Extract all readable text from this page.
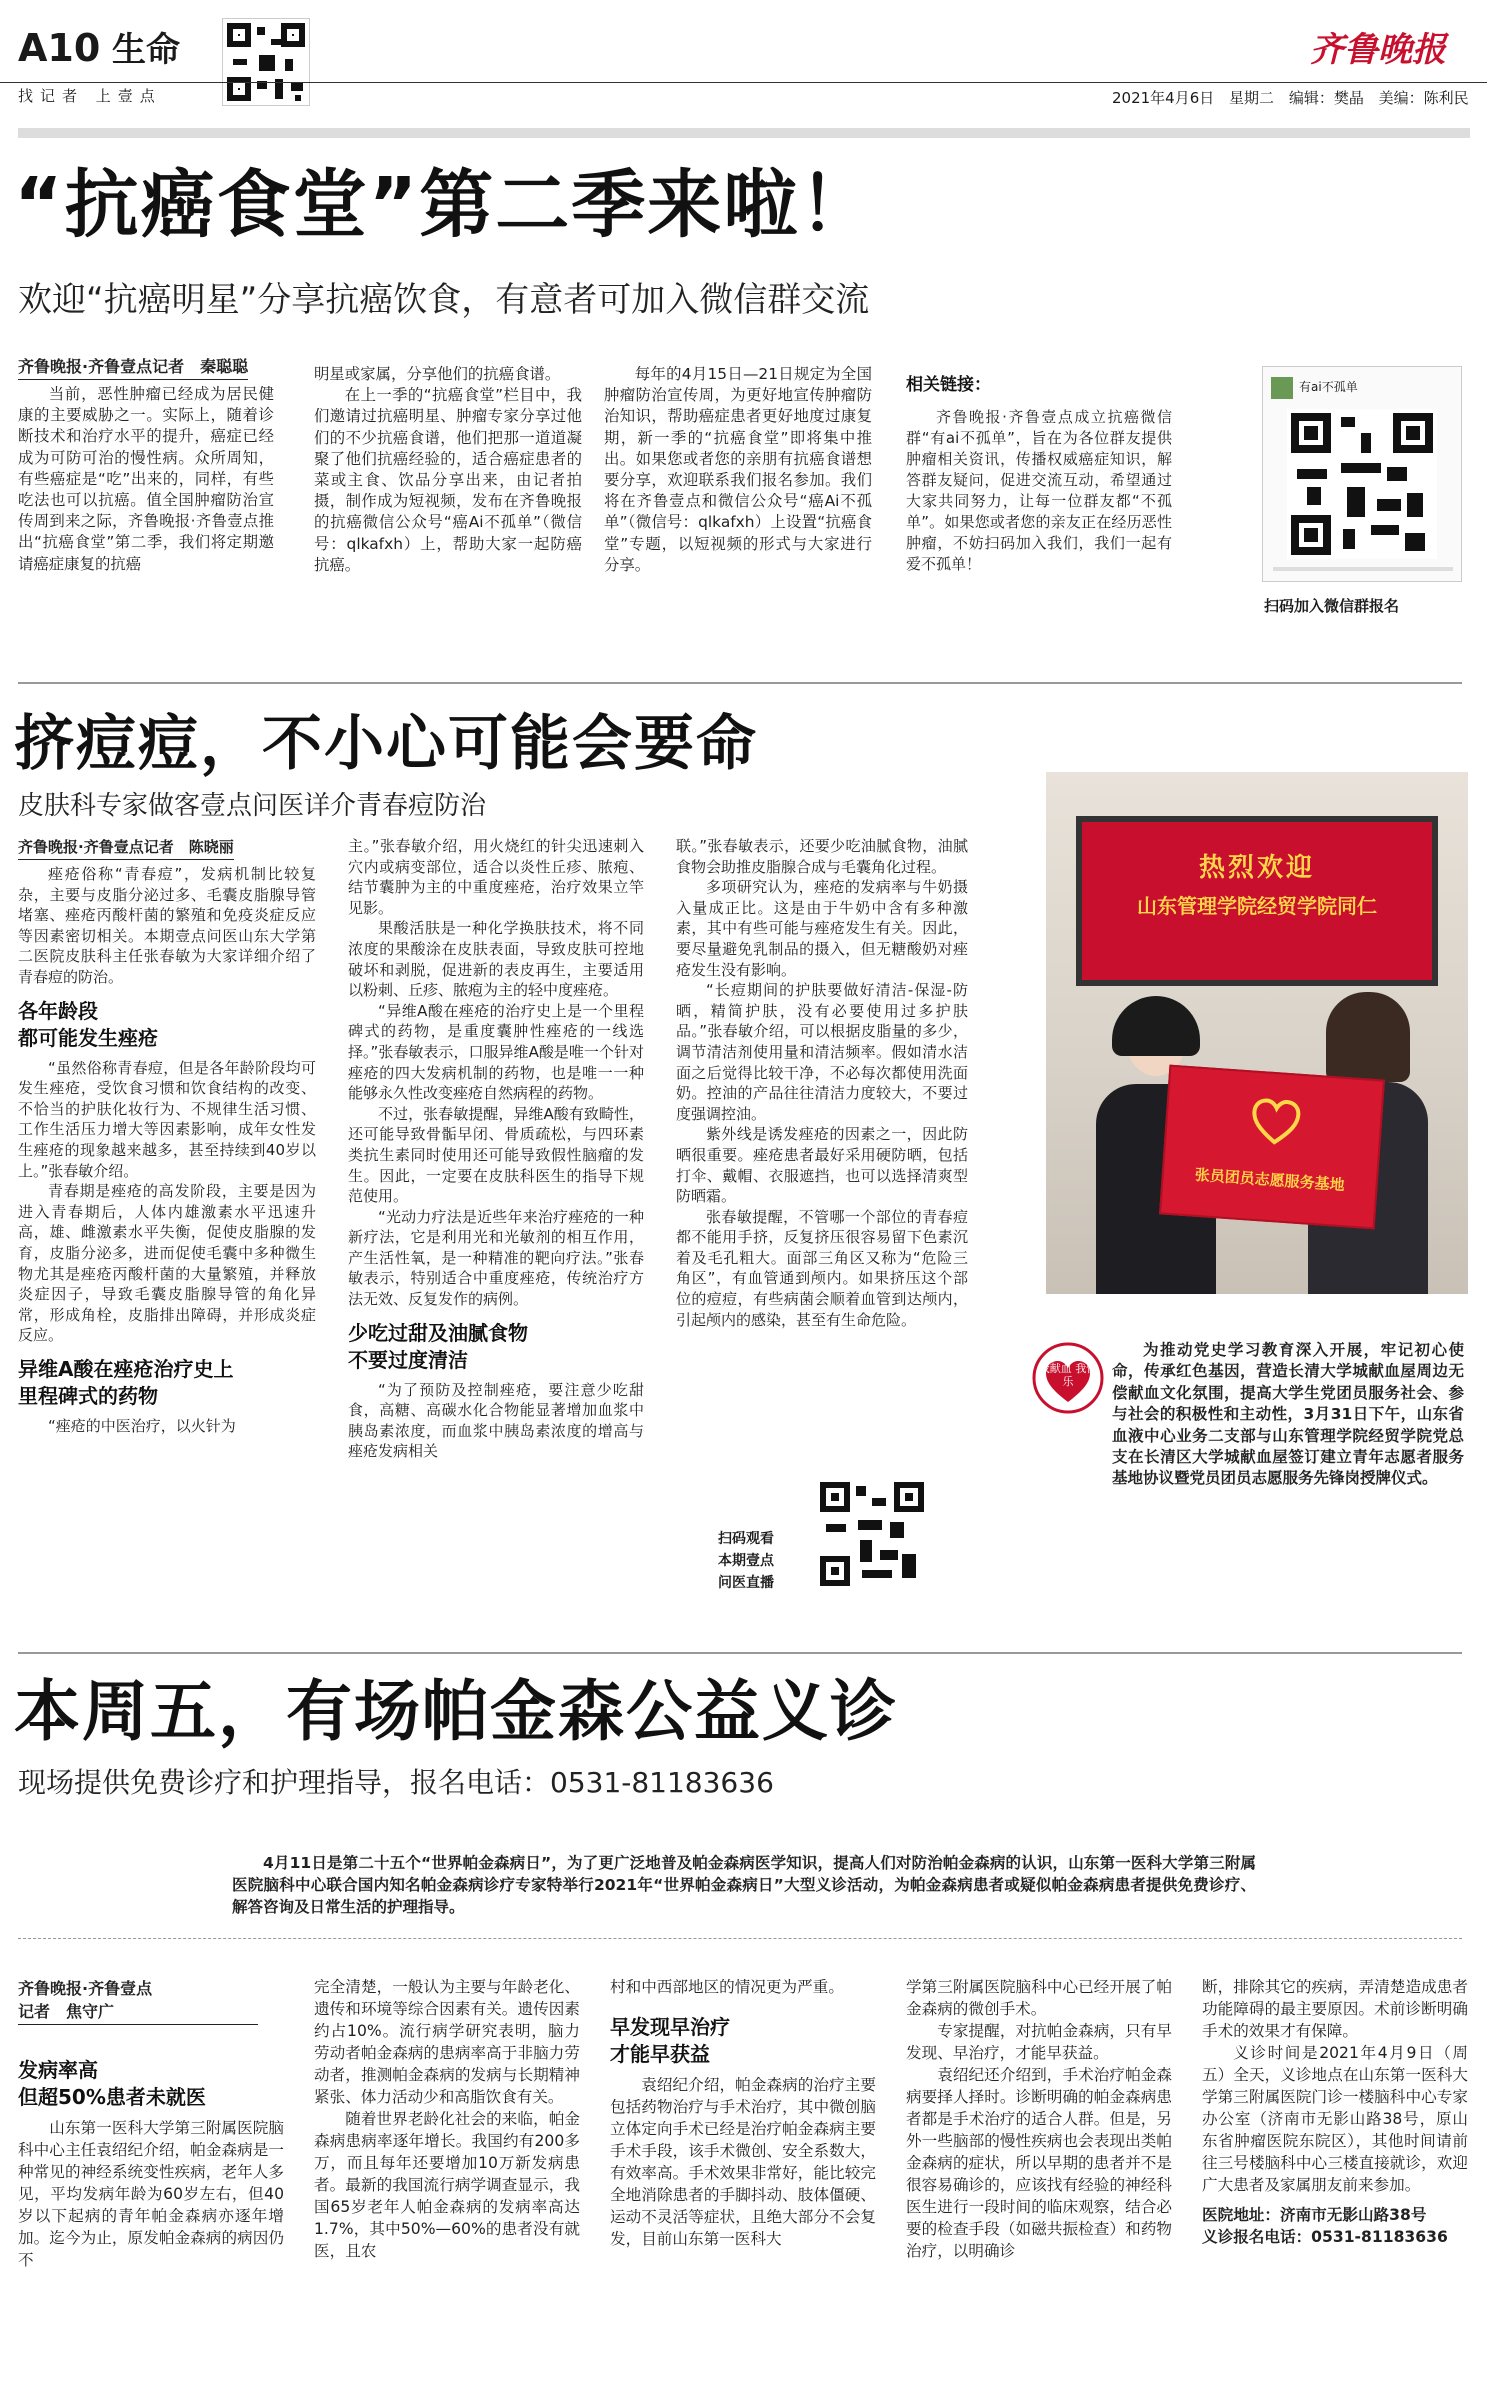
A10 生命
找记者 上壹点
齐鲁晚报
2021年4月6日 星期二 编辑：樊晶 美编：陈利民
“抗癌食堂”第二季来啦！
欢迎“抗癌明星”分享抗癌饮食，有意者可加入微信群交流
齐鲁晚报·齐鲁壹点记者　秦聪聪

当前，恶性肿瘤已经成为居民健康的主要威胁之一。实际上，随着诊断技术和治疗水平的提升，癌症已经成为可防可治的慢性病。众所周知，有些癌症是“吃”出来的，同样，有些吃法也可以抗癌。值全国肿瘤防治宣传周到来之际，齐鲁晚报·齐鲁壹点推出“抗癌食堂”第二季，我们将定期邀请癌症康复的抗癌

明星或家属，分享他们的抗癌食谱。

在上一季的“抗癌食堂”栏目中，我们邀请过抗癌明星、肿瘤专家分享过他们的不少抗癌食谱，他们把那一道道凝聚了他们抗癌经验的，适合癌症患者的菜或主食、饮品分享出来，由记者拍摄，制作成为短视频，发布在齐鲁晚报的抗癌微信公众号“癌Ai不孤单”（微信号：qlkafxh）上，帮助大家一起防癌抗癌。

每年的4月15日—21日规定为全国肿瘤防治宣传周，为更好地宣传肿瘤防治知识，帮助癌症患者更好地度过康复期，新一季的“抗癌食堂”即将集中推出。如果您或者您的亲朋有抗癌食谱想要分享，欢迎联系我们报名参加。我们将在齐鲁壹点和微信公众号“癌Ai不孤单”（微信号：qlkafxh）上设置“抗癌食堂”专题，以短视频的形式与大家进行分享。

相关链接：

齐鲁晚报·齐鲁壹点成立抗癌微信群“有ai不孤单”，旨在为各位群友提供肿瘤相关资讯，传播权威癌症知识，解答群友疑问，促进交流互动，希望通过大家共同努力，让每一位群友都“不孤单”。如果您或者您的亲友正在经历恶性肿瘤，不妨扫码加入我们，我们一起有爱不孤单！

有ai不孤单
扫码加入微信群报名
挤痘痘，不小心可能会要命
皮肤科专家做客壹点问医详介青春痘防治
齐鲁晚报·齐鲁壹点记者　陈晓丽

痤疮俗称“青春痘”，发病机制比较复杂，主要与皮脂分泌过多、毛囊皮脂腺导管堵塞、痤疮丙酸杆菌的繁殖和免疫炎症反应等因素密切相关。本期壹点问医山东大学第二医院皮肤科主任张春敏为大家详细介绍了青春痘的防治。

各年龄段
都可能发生痤疮

“虽然俗称青春痘，但是各年龄阶段均可发生痤疮，受饮食习惯和饮食结构的改变、不恰当的护肤化妆行为、不规律生活习惯、工作生活压力增大等因素影响，成年女性发生痤疮的现象越来越多，甚至持续到40岁以上。”张春敏介绍。

青春期是痤疮的高发阶段，主要是因为进入青春期后，人体内雄激素水平迅速升高，雄、雌激素水平失衡，促使皮脂腺的发育，皮脂分泌多，进而促使毛囊中多种微生物尤其是痤疮丙酸杆菌的大量繁殖，并释放炎症因子，导致毛囊皮脂腺导管的角化异常，形成角栓，皮脂排出障碍，并形成炎症反应。

异维A酸在痤疮治疗史上
里程碑式的药物

“痤疮的中医治疗，以火针为

主。”张春敏介绍，用火烧红的针尖迅速刺入穴内或病变部位，适合以炎性丘疹、脓疱、结节囊肿为主的中重度痤疮，治疗效果立竿见影。

果酸活肤是一种化学换肤技术，将不同浓度的果酸涂在皮肤表面，导致皮肤可控地破坏和剥脱，促进新的表皮再生，主要适用以粉刺、丘疹、脓疱为主的轻中度痤疮。

“异维A酸在痤疮的治疗史上是一个里程碑式的药物，是重度囊肿性痤疮的一线选择。”张春敏表示，口服异维A酸是唯一个针对痤疮的四大发病机制的药物，也是唯一一种能够永久性改变痤疮自然病程的药物。

不过，张春敏提醒，异维A酸有致畸性，还可能导致骨骺早闭、骨质疏松，与四环素类抗生素同时使用还可能导致假性脑瘤的发生。因此，一定要在皮肤科医生的指导下规范使用。

“光动力疗法是近些年来治疗痤疮的一种新疗法，它是利用光和光敏剂的相互作用，产生活性氧，是一种精准的靶向疗法。”张春敏表示，特别适合中重度痤疮，传统治疗方法无效、反复发作的病例。

少吃过甜及油腻食物
不要过度清洁

“为了预防及控制痤疮，要注意少吃甜食，高糖、高碳水化合物能显著增加血浆中胰岛素浓度，而血浆中胰岛素浓度的增高与痤疮发病相关

联。”张春敏表示，还要少吃油腻食物，油腻食物会助推皮脂腺合成与毛囊角化过程。

多项研究认为，痤疮的发病率与牛奶摄入量成正比。这是由于牛奶中含有多种激素，其中有些可能与痤疮发生有关。因此，要尽量避免乳制品的摄入，但无糖酸奶对痤疮发生没有影响。

“长痘期间的护肤要做好清洁-保湿-防晒，精简护肤，没有必要使用过多护肤品。”张春敏介绍，可以根据皮脂量的多少，调节清洁剂使用量和清洁频率。假如清水洁面之后觉得比较干净，不必每次都使用洗面奶。控油的产品往往清洁力度较大，不要过度强调控油。

紫外线是诱发痤疮的因素之一，因此防晒很重要。痤疮患者最好采用硬防晒，包括打伞、戴帽、衣服遮挡，也可以选择清爽型防晒霜。

张春敏提醒，不管哪一个部位的青春痘都不能用手挤，反复挤压很容易留下色素沉着及毛孔粗大。面部三角区又称为“危险三角区”，有血管通到颅内。如果挤压这个部位的痘痘，有些病菌会顺着血管到达颅内，引起颅内的感染，甚至有生命危险。

扫码观看
本期壹点
问医直播
热烈欢迎
山东管理学院经贸学院同仁
张员团员志愿服务基地
我献血 我快乐

为推动党史学习教育深入开展，牢记初心使命，传承红色基因，营造长清大学城献血屋周边无偿献血文化氛围，提高大学生党团员服务社会、参与社会的积极性和主动性，3月31日下午，山东省血液中心业务二支部与山东管理学院经贸学院党总支在长清区大学城献血屋签订建立青年志愿者服务基地协议暨党员团员志愿服务先锋岗授牌仪式。

本周五，有场帕金森公益义诊
现场提供免费诊疗和护理指导，报名电话：0531-81183636

4月11日是第二十五个“世界帕金森病日”，为了更广泛地普及帕金森病医学知识，提高人们对防治帕金森病的认识，山东第一医科大学第三附属医院脑科中心联合国内知名帕金森病诊疗专家特举行2021年“世界帕金森病日”大型义诊活动，为帕金森病患者或疑似帕金森病患者提供免费诊疗、解答咨询及日常生活的护理指导。

齐鲁晚报·齐鲁壹点
记者　焦守广
发病率高
但超50%患者未就医

山东第一医科大学第三附属医院脑科中心主任袁绍纪介绍，帕金森病是一种常见的神经系统变性疾病，老年人多见，平均发病年龄为60岁左右，但40岁以下起病的青年帕金森病亦逐年增加。迄今为止，原发帕金森病的病因仍不

完全清楚，一般认为主要与年龄老化、遗传和环境等综合因素有关。遗传因素约占10%。流行病学研究表明，脑力劳动者帕金森病的患病率高于非脑力劳动者，推测帕金森病的发病与长期精神紧张、体力活动少和高脂饮食有关。

随着世界老龄化社会的来临，帕金森病患病率逐年增长。我国约有200多万，而且每年还要增加10万新发病患者。最新的我国流行病学调查显示，我国65岁老年人帕金森病的发病率高达1.7%，其中50%—60%的患者没有就医，且农

村和中西部地区的情况更为严重。

早发现早治疗
才能早获益

袁绍纪介绍，帕金森病的治疗主要包括药物治疗与手术治疗，其中微创脑立体定向手术已经是治疗帕金森病主要手术手段，该手术微创、安全系数大，有效率高。手术效果非常好，能比较完全地消除患者的手脚抖动、肢体僵硬、运动不灵活等症状，且绝大部分不会复发，目前山东第一医科大

学第三附属医院脑科中心已经开展了帕金森病的微创手术。

专家提醒，对抗帕金森病，只有早发现、早治疗，才能早获益。

袁绍纪还介绍到，手术治疗帕金森病要择人择时。诊断明确的帕金森病患者都是手术治疗的适合人群。但是，另外一些脑部的慢性疾病也会表现出类帕金森病的症状，所以早期的患者并不是很容易确诊的，应该找有经验的神经科医生进行一段时间的临床观察，结合必要的检查手段（如磁共振检查）和药物治疗，以明确诊

断，排除其它的疾病，弄清楚造成患者功能障碍的最主要原因。术前诊断明确手术的效果才有保障。

义诊时间是2021年4月9日（周五）全天，义诊地点在山东第一医科大学第三附属医院门诊一楼脑科中心专家办公室（济南市无影山路38号，原山东省肿瘤医院东院区），其他时间请前往三号楼脑科中心三楼直接就诊，欢迎广大患者及家属朋友前来参加。

医院地址：济南市无影山路38号

义诊报名电话：0531-81183636
